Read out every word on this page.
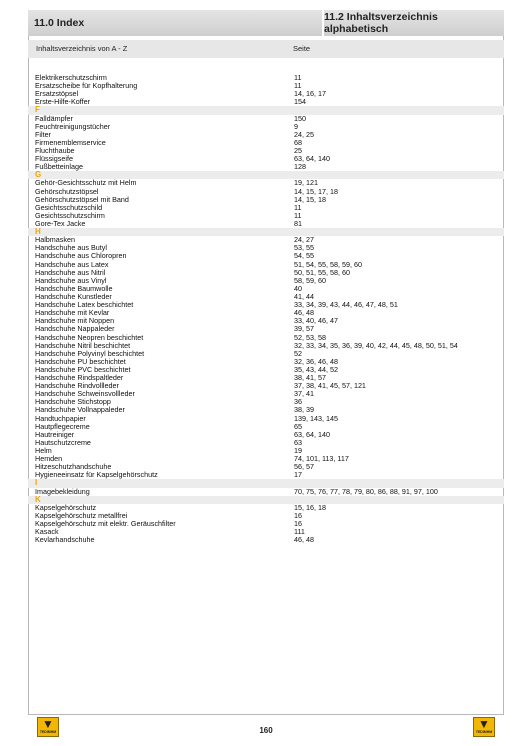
11.0 Index	11.2 Inhaltsverzeichnis alphabetisch
Inhaltsverzeichnis von A - Z	Seite
Elektrikerschutzschirm	11
Ersatzscheibe für Kopfhalterung	11
Ersatzstöpsel	14, 16, 17
Erste-Hilfe-Koffer	154
F
Falldämpfer	150
Feuchtreinigungstücher	9
Filter	24, 25
Firmenemblemservice	68
Fluchthaube	25
Flüssigseife	63, 64, 140
Fußbetteinlage	128
G
Gehör-Gesichtsschutz mit Helm	19, 121
Gehörschutzstöpsel	14, 15, 17, 18
Gehörschutzstöpsel mit Band	14, 15, 18
Gesichtsschutzschild	11
Gesichtsschutzschirm	11
Gore-Tex Jacke	81
H
Halbmasken	24, 27
Handschuhe aus Butyl	53, 55
Handschuhe aus Chloropren	54, 55
Handschuhe aus Latex	51, 54, 55, 58, 59, 60
Handschuhe aus Nitril	50, 51, 55, 58, 60
Handschuhe aus Vinyl	58, 59, 60
Handschuhe Baumwolle	40
Handschuhe Kunstleder	41, 44
Handschuhe Latex beschichtet	33, 34, 39, 43, 44, 46, 47, 48, 51
Handschuhe mit Kevlar	46, 48
Handschuhe mit Noppen	33, 40, 46, 47
Handschuhe Nappaleder	39, 57
Handschuhe Neopren beschichtet	52, 53, 58
Handschuhe Nitril beschichtet	32, 33, 34, 35, 36, 39, 40, 42, 44, 45, 48, 50, 51, 54
Handschuhe Polyvinyl beschichtet	52
Handschuhe PU beschichtet	32, 36, 46, 48
Handschuhe PVC beschichtet	35, 43, 44, 52
Handschuhe Rindspaltleder	38, 41, 57
Handschuhe Rindvollleder	37, 38, 41, 45, 57, 121
Handschuhe Schweinsvollleder	37, 41
Handschuhe Stichstopp	36
Handschuhe Vollnappaleder	38, 39
Handtuchpapier	139, 143, 145
Hautpflegecreme	65
Hautreiniger	63, 64, 140
Hautschutzcreme	63
Helm	19
Hemden	74, 101, 113, 117
Hitzeschutzhandschuhe	56, 57
Hygieneeinsatz für Kapselgehörschutz	17
I
Imagebekleidung	70, 75, 76, 77, 78, 79, 80, 86, 88, 91, 97, 100
K
Kapselgehörschutz	15, 16, 18
Kapselgehörschutz metallfrei	16
Kapselgehörschutz mit elektr. Geräuschfilter	16
Kasack	111
Kevlarhandschuhe	46, 48
▼
TEDIMHM	160	▼
TEDIMHM
